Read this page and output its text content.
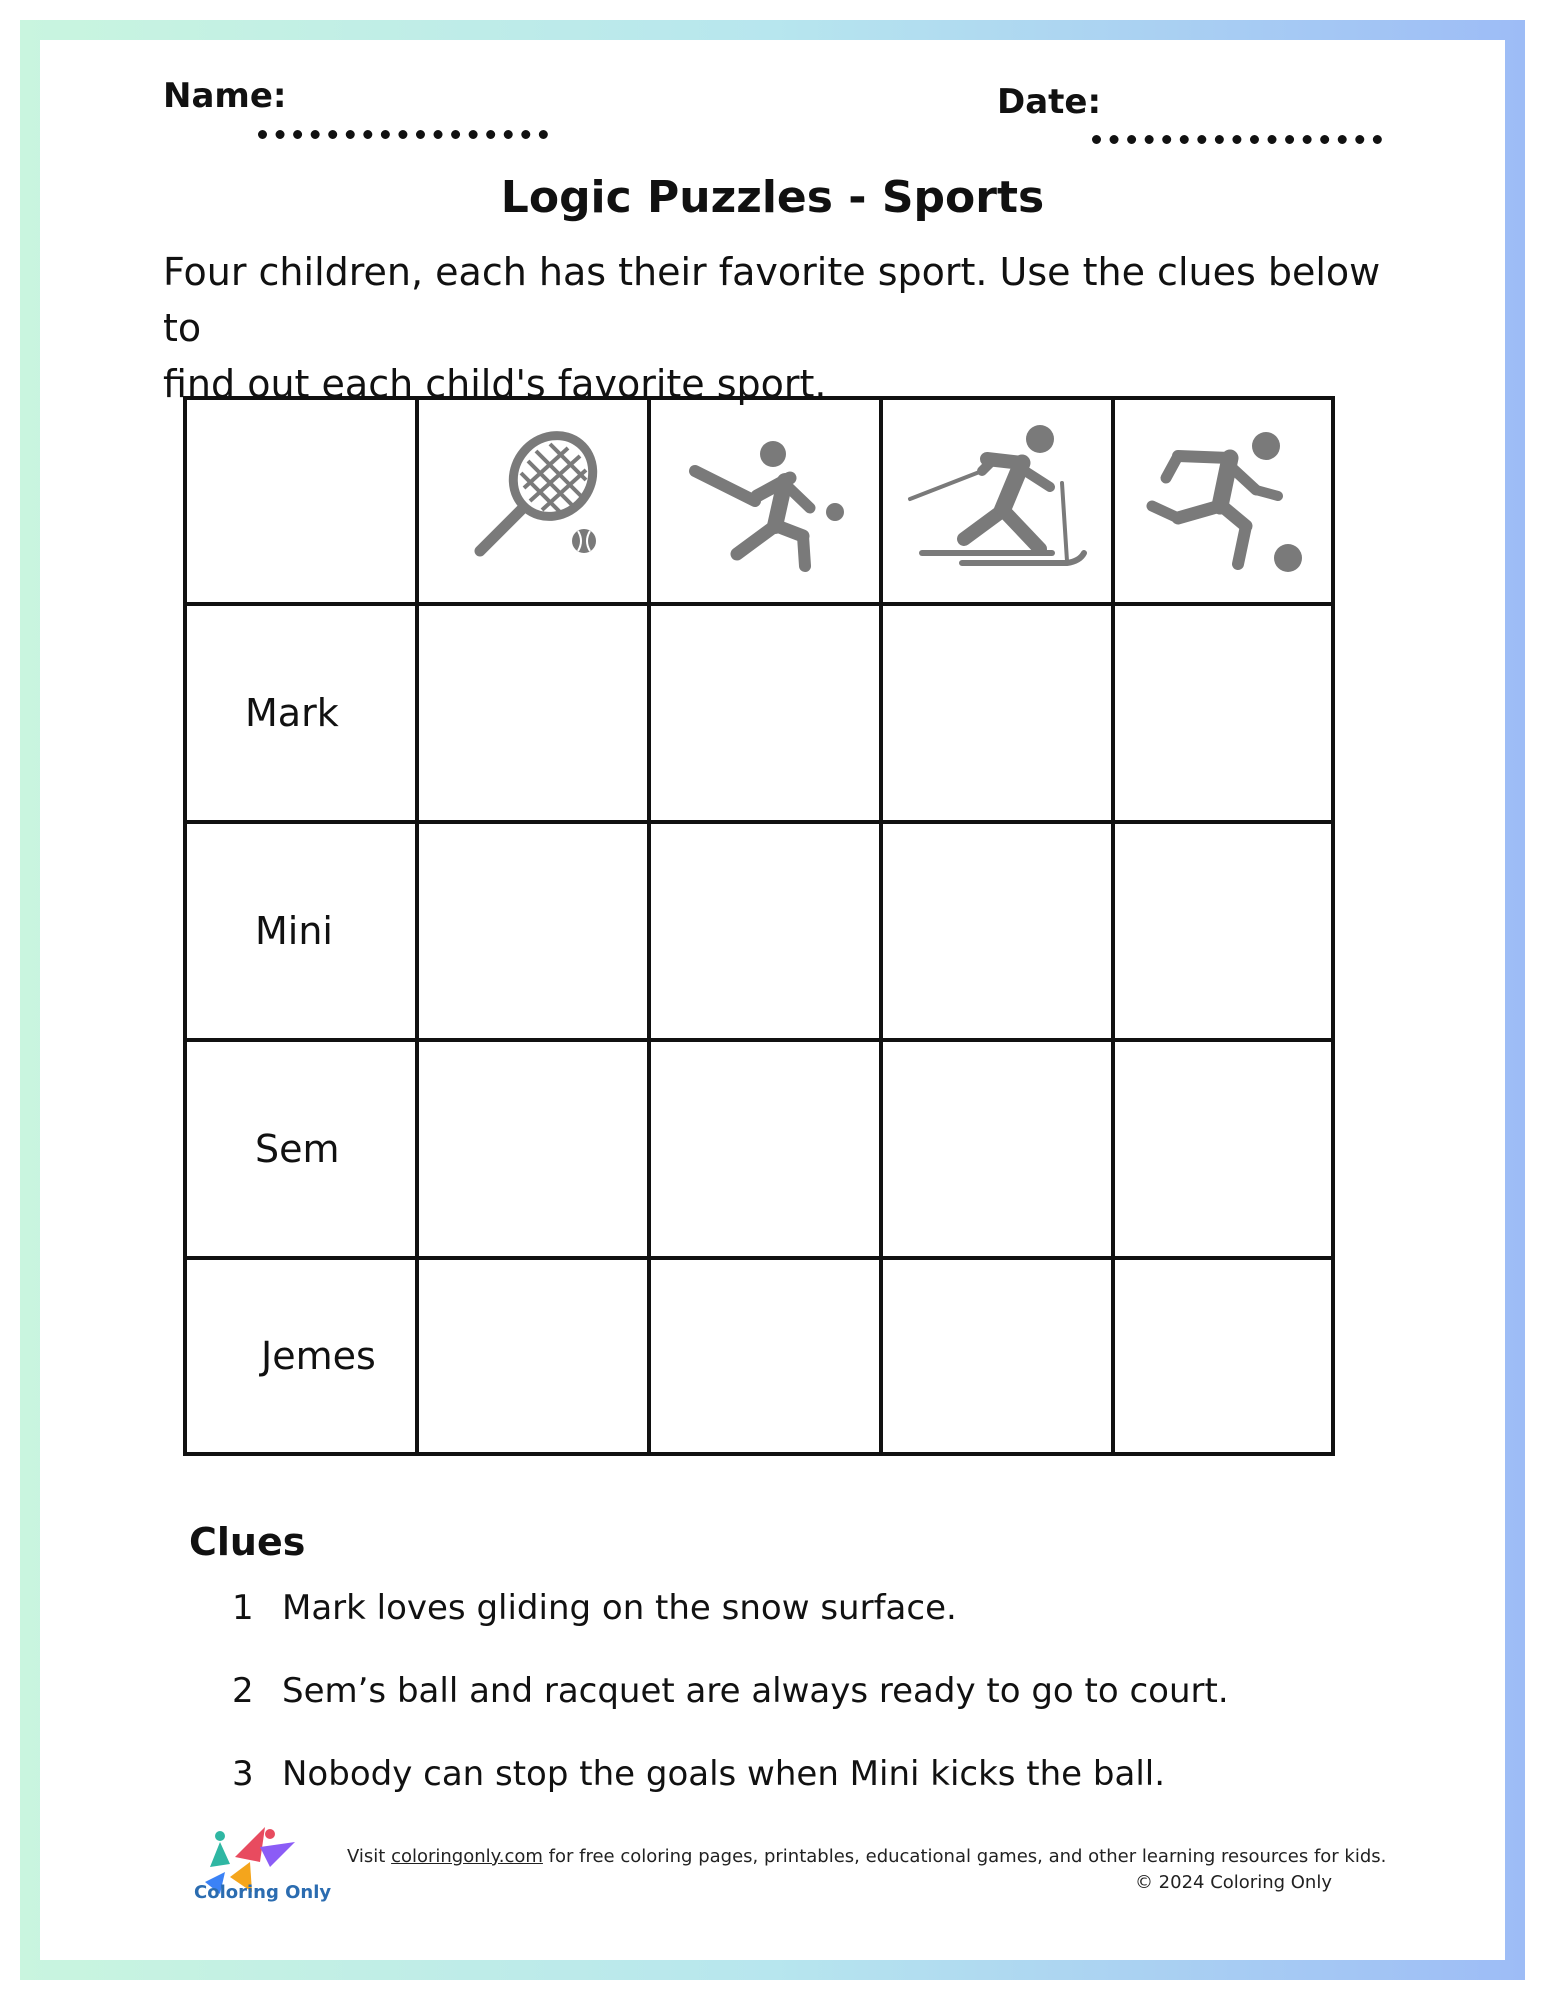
Name:	Date:
Logic Puzzles - Sports
Four children, each has their favorite sport. Use the clues below to
find out each child's favorite sport.

Mark				
Mini				
Sem				
Jemes				
Clues
1 Mark loves gliding on the snow surface.
2 Sem’s ball and racquet are always ready to go to court.
3 Nobody can stop the goals when Mini kicks the ball.
Coloring Only
Visit coloringonly.com for free coloring pages, printables, educational games, and other learning resources for kids.
© 2024 Coloring Only
